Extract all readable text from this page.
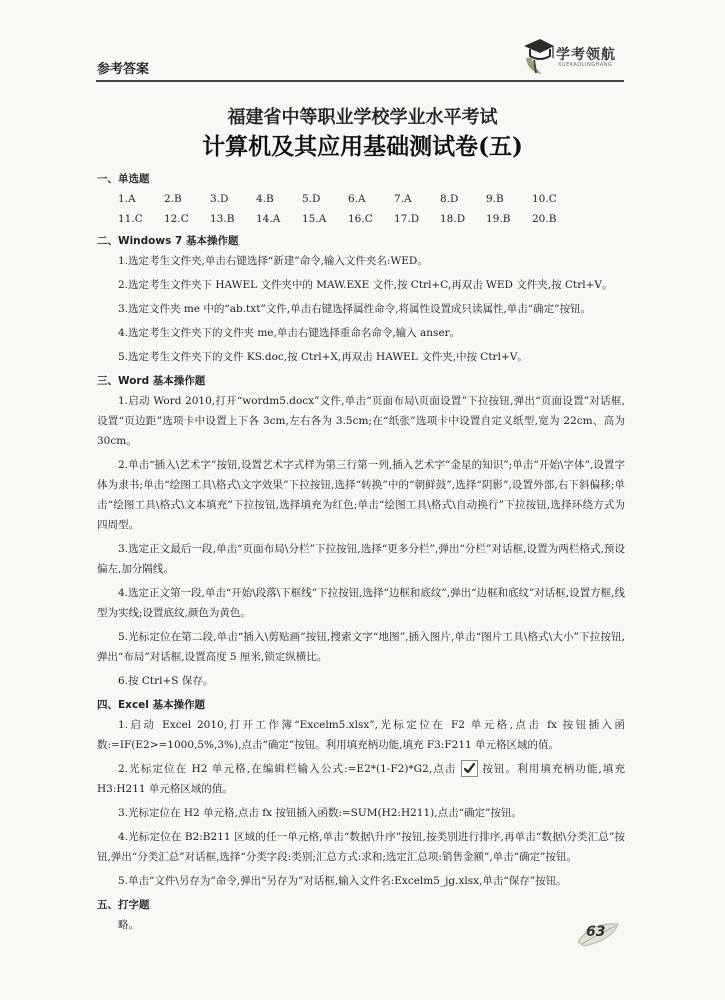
参考答案
学考领航
XUEKAOLINGHANG
福建省中等职业学校学业水平考试
计算机及其应用基础测试卷(五)
一、单选题
1.A	2.B	3.D	4.B	5.D	6.A	7.A	8.D	9.B	10.C
11.C	12.C	13.B	14.A	15.A	16.C	17.D	18.D	19.B	20.B
二、Windows 7 基本操作题
1.选定考生文件夹,单击右键选择“新建”命令,输入文件夹名:WED。
2.选定考生文件夹下 HAWEL 文件夹中的 MAW.EXE 文件,按 Ctrl+C,再双击 WED 文件夹,按 Ctrl+V。
3.选定文件夹 me 中的“ab.txt”文件,单击右键选择属性命令,将属性设置成只读属性,单击“确定”按钮。
4.选定考生文件夹下的文件夹 me,单击右键选择重命名命令,输入 anser。
5.选定考生文件夹下的文件 KS.doc,按 Ctrl+X,再双击 HAWEL 文件夹,中按 Ctrl+V。
三、Word 基本操作题
1.启动 Word 2010,打开“wordm5.docx”文件,单击“页面布局\页面设置”下拉按钮,弹出“页面设置”对话框,设置“页边距”选项卡中设置上下各 3cm,左右各为 3.5cm;在“纸张”选项卡中设置自定义纸型,宽为 22cm、高为 30cm。
2.单击“插入\艺术字”按钮,设置艺术字式样为第三行第一列,插入艺术字“金星的知识”;单击“开始\字体”,设置字体为隶书;单击“绘图工具\格式\文字效果”下拉按钮,选择“转换”中的“朝鲜鼓”,选择“阴影”,设置外部,右下斜偏移;单击“绘图工具\格式\文本填充”下拉按钮,选择填充为红色;单击“绘图工具\格式\自动换行”下拉按钮,选择环绕方式为四周型。
3.选定正文最后一段,单击“页面布局\分栏”下拉按钮,选择“更多分栏”,弹出“分栏”对话框,设置为两栏格式,预设偏左,加分隔线。
4.选定正文第一段,单击“开始\段落\下框线”下拉按钮,选择“边框和底纹”,弹出“边框和底纹”对话框,设置方框,线型为实线;设置底纹,颜色为黄色。
5.光标定位在第二段,单击“插入\剪贴画”按钮,搜索文字“地图”,插入图片,单击“图片工具\格式\大小”下拉按钮,弹出“布局”对话框,设置高度 5 厘米,锁定纵横比。
6.按 Ctrl+S 保存。
四、Excel 基本操作题
1.启动 Excel 2010,打开工作簿“Excelm5.xlsx”,光标定位在 F2 单元格,点击 fx 按钮插入函数:=IF(E2>=1000,5%,3%),点击“确定”按钮。利用填充柄功能,填充 F3:F211 单元格区域的值。
2.光标定位在 H2 单元格,在编辑栏输入公式:=E2*(1-F2)*G2,点击 按钮。利用填充柄功能,填充 H3:H211 单元格区域的值。
3.光标定位在 H2 单元格,点击 fx 按钮插入函数:=SUM(H2:H211),点击“确定”按钮。
4.光标定位在 B2:B211 区域的任一单元格,单击“数据\升序”按钮,按类别进行排序,再单击“数据\分类汇总”按钮,弹出“分类汇总”对话框,选择“分类字段:类别;汇总方式:求和;选定汇总项:销售金额”,单击“确定”按钮。
5.单击“文件\另存为”命令,弹出“另存为”对话框,输入文件名:Excelm5_jg.xlsx,单击“保存”按钮。
五、打字题
略。	63
